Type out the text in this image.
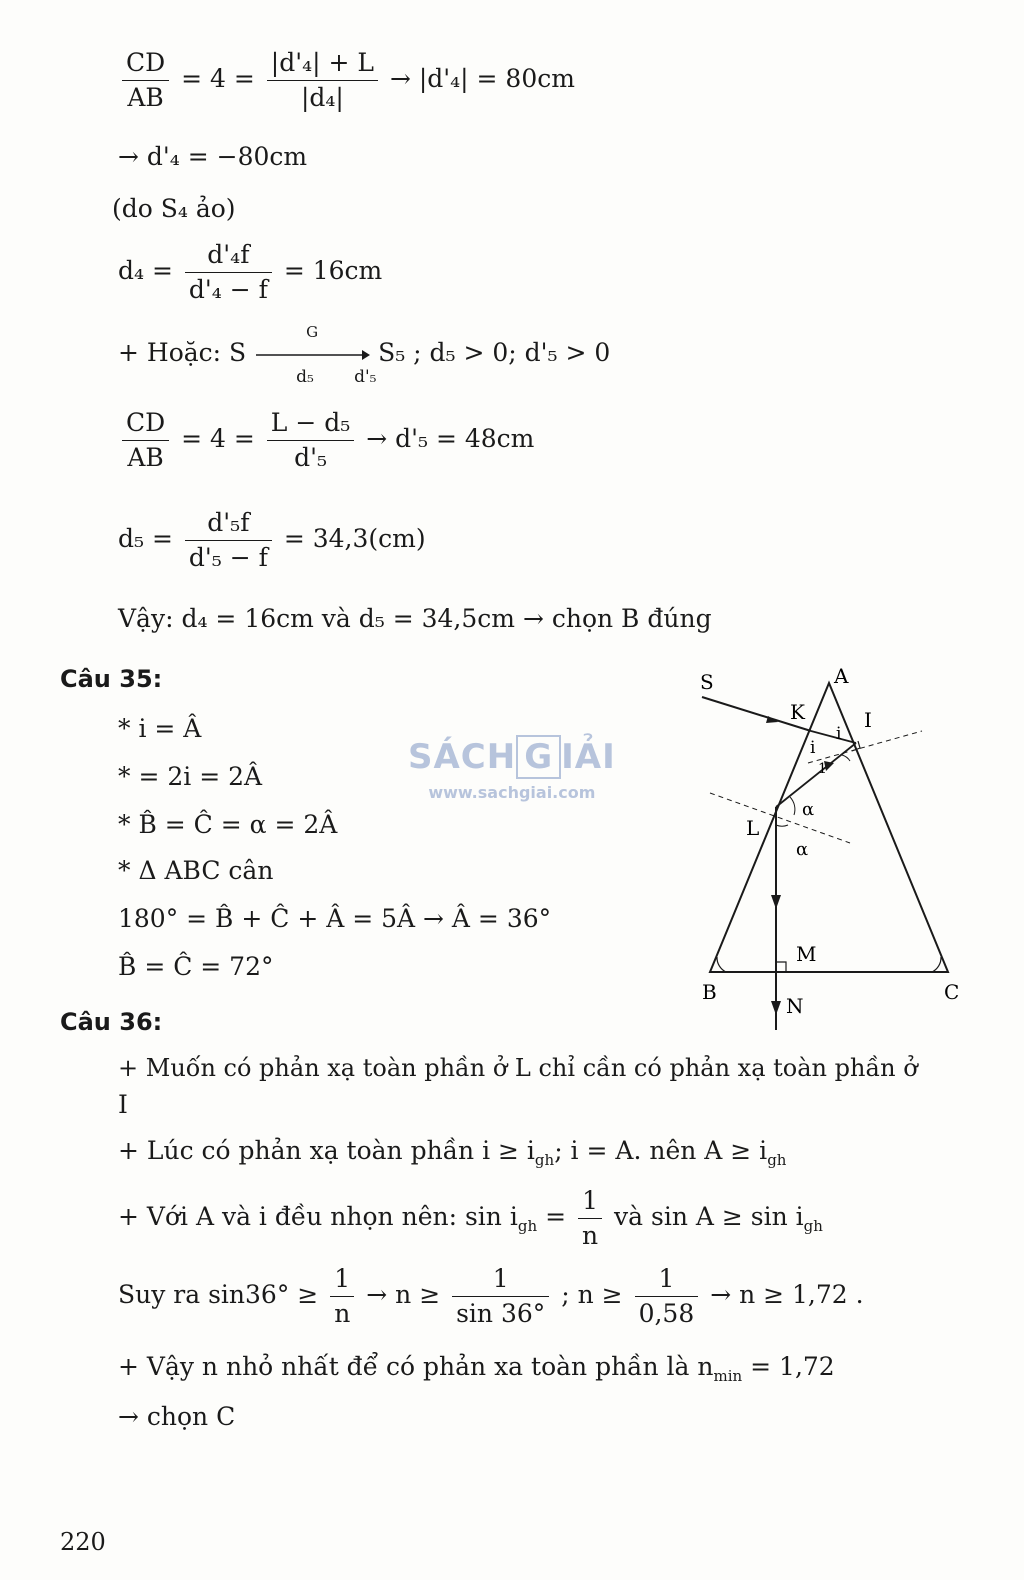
$\frac{CD}{AB} = 4 = \frac{\text{|d'₄| + L}}{\text{|d₄|}} \to |d'_4| = 80cm$
→ d'₄ = −80cm
(do S₄ ảo)
$d_4 = \frac{\text{d'₄f}}{\text{d'₄ − f}} = 16cm$
+ Hoặc: S
G
d₅ d'₅
S₅ ; d₅ > 0; d'₅ > 0
$\frac{CD}{AB} = 4 = \frac{\text{L − d₅}}{\text{d'₅}} \to d'_5 = 48cm$
$d_5 = \frac{\text{d'₅f}}{\text{d'₅ − f}} = 34,3(cm)$
Vậy: d₄ = 16cm và d₅ = 34,5cm → chọn B đúng
Câu 35:
* i = Â
* = 2i = 2Â
* B̂ = Ĉ = α = 2Â
* Δ ABC cân
180° = B̂ + Ĉ + Â = 5Â → Â = 36°
B̂ = Ĉ = 72°
SÁCH G IẢI
www.sachgiai.com
S	A
K	I
i
i
1
L
α
α
M
B	C
N
Câu 36:
+ Muốn có phản xạ toàn phần ở L chỉ cần có phản xạ toàn phần ở
I
+ Lúc có phản xạ toàn phần $i \ge i_{gh}$; i = A. nên $A \ge i_{gh}$
+ Với A và i đều nhọn nên: $\sin i_{gh} = \frac{1}{n}$ và $\sin A \ge \sin i_{gh}$
Suy ra $\sin 36^\circ \ge \frac{1}{n} \to n \ge \frac{1}{\sin 36^\circ}$ ; $n \ge \frac{1}{0,58} \to n \ge 1,72$ .
+ Vậy n nhỏ nhất để có phản xa toàn phần là $n_{min} = 1,72$
→ chọn C
220
